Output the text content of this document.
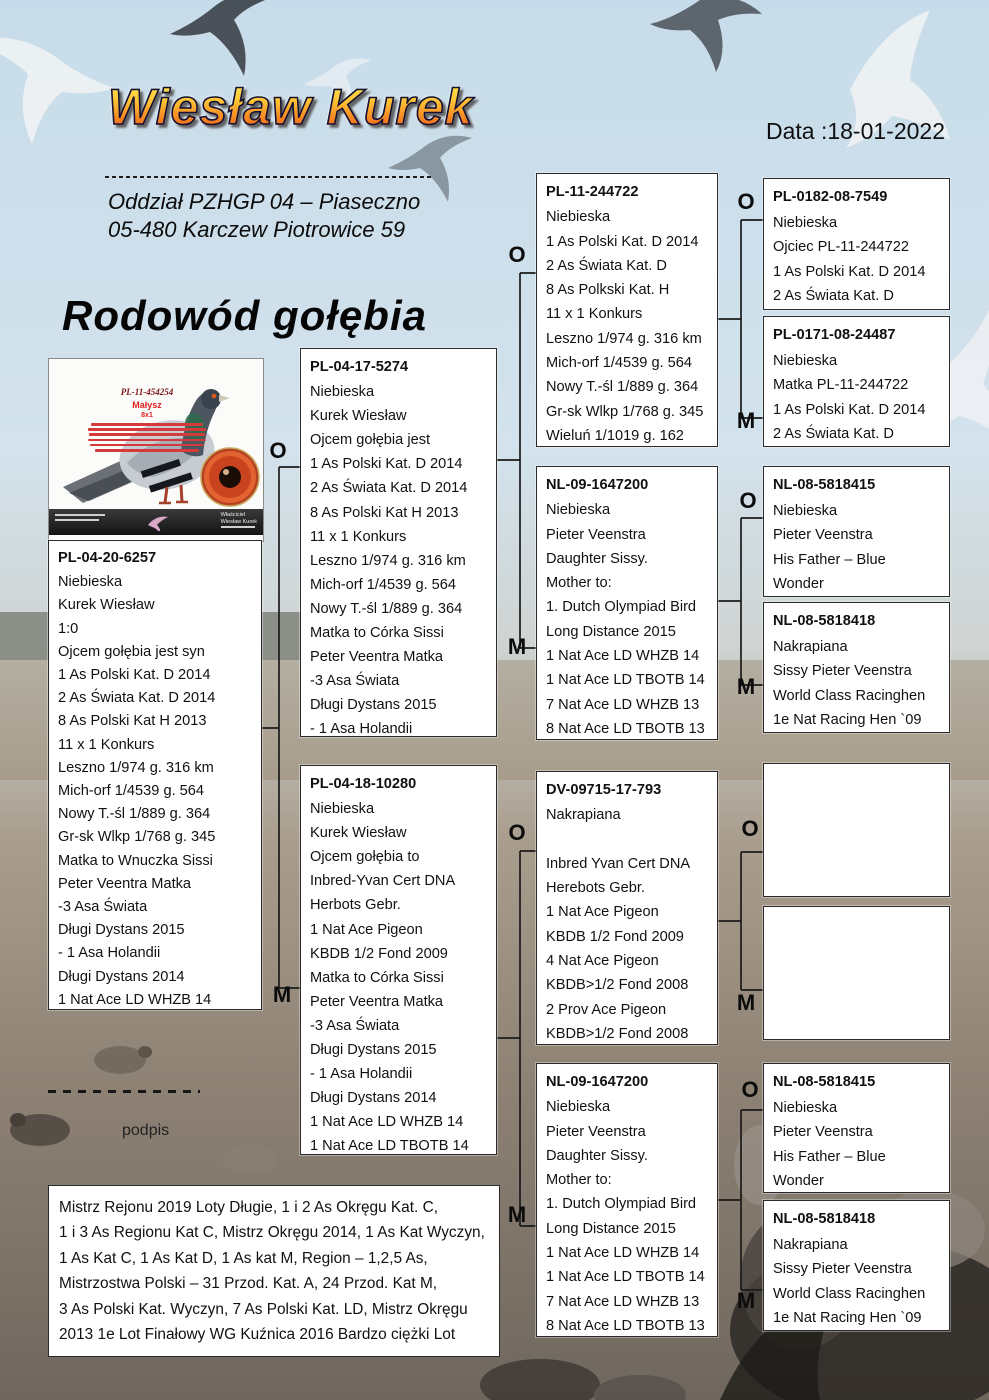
Wiesław Kurek	Data :18-01-2022
Oddział PZHGP 04 – Piaseczno
05-480 Karczew Piotrowice 59
Rodowód gołębia
PL-11-454254
Małysz
8x1
Właściciel
Wiesław Kurek
PL-04-20-6257
Niebieska
Kurek Wiesław
1:0
Ojcem gołębia jest syn
1 As Polski Kat. D 2014
2 As Świata Kat. D 2014
8 As Polski Kat H 2013
11 x 1 Konkurs
Leszno 1/974 g. 316 km
Mich-orf 1/4539 g. 564
Nowy T.-śl 1/889 g. 364
Gr-sk Wlkp 1/768 g. 345
Matka to Wnuczka Sissi
Peter Veentra Matka
-3 Asa Świata
Długi Dystans 2015
- 1 Asa Holandii
Długi Dystans 2014
1 Nat Ace LD WHZB 14
PL-04-17-5274
Niebieska
Kurek Wiesław
Ojcem gołębia jest
1 As Polski Kat. D 2014
2 As Świata Kat. D 2014
8 As Polski Kat H 2013
11 x 1 Konkurs
Leszno 1/974 g. 316 km
Mich-orf 1/4539 g. 564
Nowy T.-śl 1/889 g. 364
Matka to Córka Sissi
Peter Veentra Matka
-3 Asa Świata
Długi Dystans 2015
- 1 Asa Holandii
PL-04-18-10280
Niebieska
Kurek Wiesław
Ojcem gołębia to
Inbred-Yvan Cert DNA
Herbots Gebr.
1 Nat Ace Pigeon
KBDB 1/2 Fond 2009
Matka to Córka Sissi
Peter Veentra Matka
-3 Asa Świata
Długi Dystans 2015
- 1 Asa Holandii
Długi Dystans 2014
1 Nat Ace LD WHZB 14
1 Nat Ace LD TBOTB 14
PL-11-244722
Niebieska
1 As Polski Kat. D 2014
2 As Świata Kat. D
8 As Polkski Kat. H
11 x 1 Konkurs
Leszno 1/974 g. 316 km
Mich-orf 1/4539 g. 564
Nowy T.-śl 1/889 g. 364
Gr-sk Wlkp 1/768 g. 345
Wieluń 1/1019 g. 162
NL-09-1647200
Niebieska
Pieter Veenstra
Daughter Sissy.
Mother to:
1. Dutch Olympiad Bird
Long Distance 2015
1 Nat Ace LD WHZB 14
1 Nat Ace LD TBOTB 14
7 Nat Ace LD WHZB 13
8 Nat Ace LD TBOTB 13
DV-09715-17-793
Nakrapiana

Inbred Yvan Cert DNA
Herebots Gebr.
1 Nat Ace Pigeon
KBDB 1/2 Fond 2009
4 Nat Ace Pigeon
KBDB>1/2 Fond 2008
2 Prov Ace Pigeon
KBDB>1/2 Fond 2008
NL-09-1647200
Niebieska
Pieter Veenstra
Daughter Sissy.
Mother to:
1. Dutch Olympiad Bird
Long Distance 2015
1 Nat Ace LD WHZB 14
1 Nat Ace LD TBOTB 14
7 Nat Ace LD WHZB 13
8 Nat Ace LD TBOTB 13
PL-0182-08-7549
Niebieska
Ojciec PL-11-244722
1 As Polski Kat. D 2014
2 As Świata Kat. D
PL-0171-08-24487
Niebieska
Matka PL-11-244722
1 As Polski Kat. D 2014
2 As Świata Kat. D
NL-08-5818415
Niebieska
Pieter Veenstra
His Father – Blue
Wonder
NL-08-5818418
Nakrapiana
Sissy Pieter Veenstra
World Class Racinghen
1e Nat Racing Hen `09
NL-08-5818415
Niebieska
Pieter Veenstra
His Father – Blue
Wonder
NL-08-5818418
Nakrapiana
Sissy Pieter Veenstra
World Class Racinghen
1e Nat Racing Hen `09
O
M
O
M
O
M
O
M
O
M
O
M
O
M
podpis
Mistrz Rejonu 2019 Loty Długie, 1 i 2 As Okręgu Kat. C,
1 i 3 As Regionu Kat C, Mistrz Okręgu 2014, 1 As Kat Wyczyn,
1 As Kat C, 1 As Kat D, 1 As kat M, Region – 1,2,5 As,
Mistrzostwa Polski – 31 Przod. Kat. A, 24 Przod. Kat M,
3 As Polski Kat. Wyczyn, 7 As Polski Kat. LD, Mistrz Okręgu
2013 1e Lot Finałowy WG Kuźnica 2016 Bardzo ciężki Lot
